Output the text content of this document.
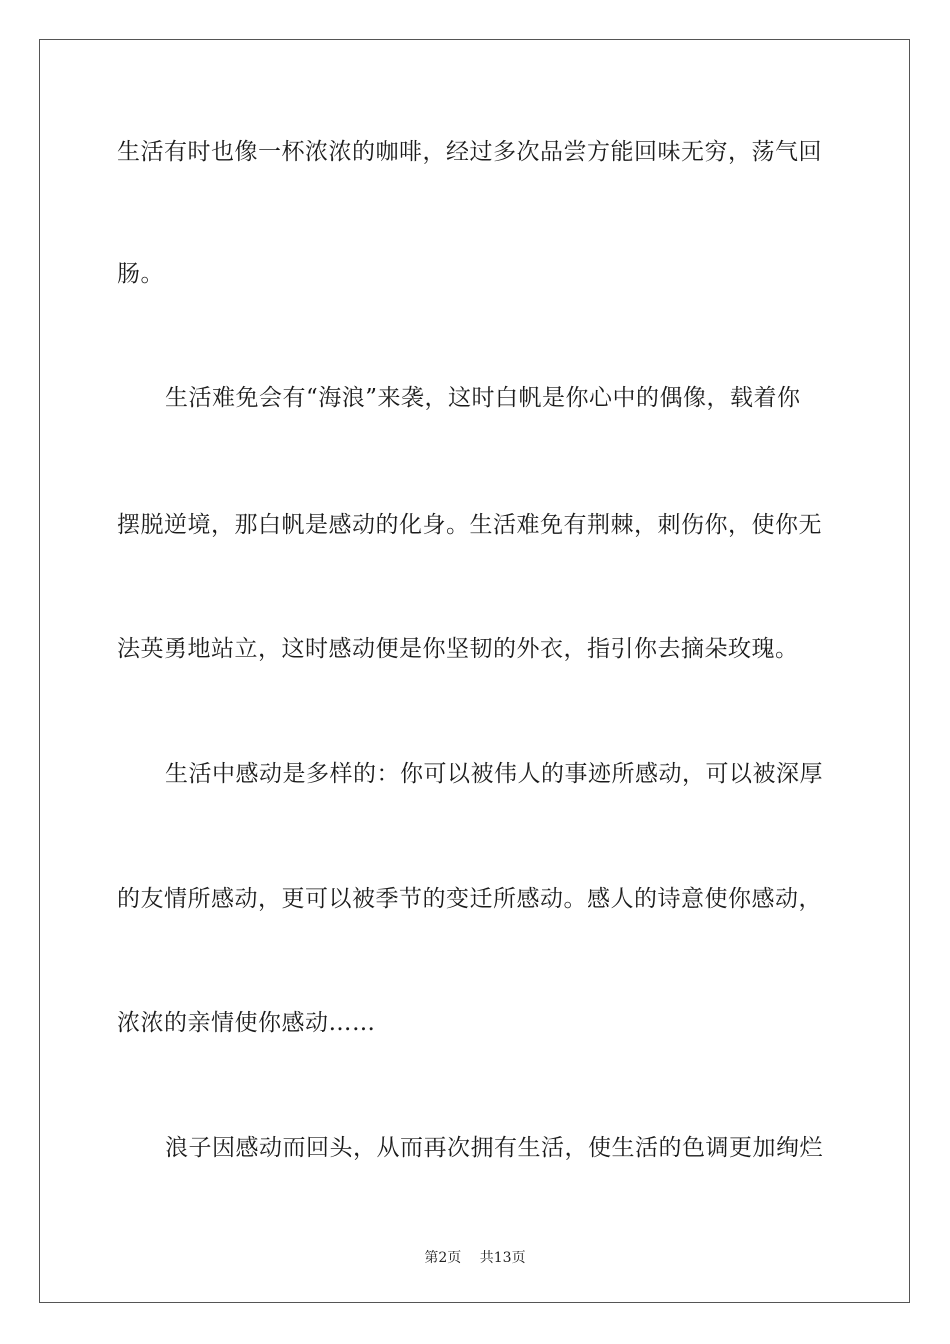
生活有时也像一杯浓浓的咖啡，经过多次品尝方能回味无穷，荡气回
肠。
生活难免会有“海浪”来袭，这时白帆是你心中的偶像，载着你
摆脱逆境，那白帆是感动的化身。生活难免有荆棘，刺伤你，使你无
法英勇地站立，这时感动便是你坚韧的外衣，指引你去摘朵玫瑰。
生活中感动是多样的：你可以被伟人的事迹所感动，可以被深厚
的友情所感动，更可以被季节的变迁所感动。感人的诗意使你感动，
浓浓的亲情使你感动……
浪子因感动而回头，从而再次拥有生活，使生活的色调更加绚烂
第2页 共13页
